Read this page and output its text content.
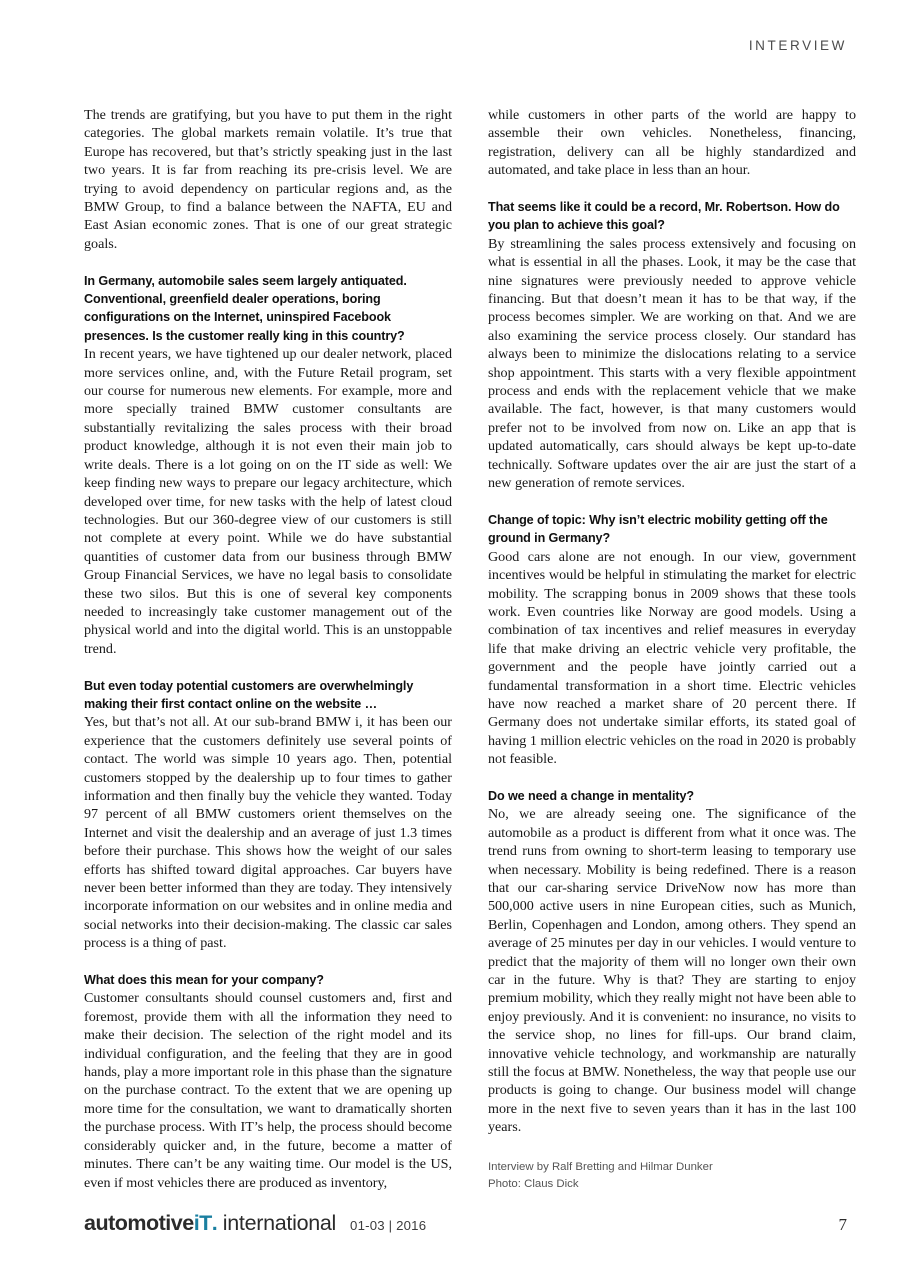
INTERVIEW

The trends are gratifying, but you have to put them in the right categories. The global markets remain volatile. It’s true that Europe has recovered, but that’s strictly speaking just in the last two years. It is far from reaching its pre-crisis level. We are trying to avoid dependency on particular regions and, as the BMW Group, to find a balance between the NAFTA, EU and East Asian economic zones. That is one of our great strategic goals.

In Germany, automobile sales seem largely antiquated. Conventional, greenfield dealer operations, boring configurations on the Internet, uninspired Facebook presences. Is the customer really king in this country?

In recent years, we have tightened up our dealer network, placed more services online, and, with the Future Retail program, set our course for numerous new elements. For example, more and more specially trained BMW customer consultants are substantially revitalizing the sales process with their broad product knowledge, although it is not even their main job to write deals. There is a lot going on on the IT side as well: We keep finding new ways to prepare our legacy architecture, which developed over time, for new tasks with the help of latest cloud technologies. But our 360-degree view of our customers is still not complete at every point. While we do have substantial quantities of customer data from our business through BMW Group Financial Services, we have no legal basis to consolidate these two silos. But this is one of several key components needed to increasingly take customer management out of the physical world and into the digital world. This is an unstoppable trend.

But even today potential customers are overwhelmingly making their first contact online on the website …

Yes, but that’s not all. At our sub-brand BMW i, it has been our experience that the customers definitely use several points of contact. The world was simple 10 years ago. Then, potential customers stopped by the dealership up to four times to gather information and then finally buy the vehicle they wanted. Today 97 percent of all BMW customers orient themselves on the Internet and visit the dealership and an average of just 1.3 times before their purchase. This shows how the weight of our sales efforts has shifted toward digital approaches. Car buyers have never been better informed than they are today. They intensively incorporate information on our websites and in online media and social networks into their decision-making. The classic car sales process is a thing of past.

What does this mean for your company?

Customer consultants should counsel customers and, first and foremost, provide them with all the information they need to make their decision. The selection of the right model and its individual configuration, and the feeling that they are in good hands, play a more important role in this phase than the signature on the purchase contract. To the extent that we are opening up more time for the consultation, we want to dramatically shorten the purchase process. With IT’s help, the process should become considerably quicker and, in the future, become a matter of minutes. There can’t be any waiting time. Our model is the US, even if most vehicles there are produced as inventory,

while customers in other parts of the world are happy to assemble their own vehicles. Nonetheless, financing, registration, delivery can all be highly standardized and automated, and take place in less than an hour.

That seems like it could be a record, Mr. Robertson. How do you plan to achieve this goal?

By streamlining the sales process extensively and focusing on what is essential in all the phases. Look, it may be the case that nine signatures were previously needed to approve vehicle financing. But that doesn’t mean it has to be that way, if the process becomes simpler. We are working on that. And we are also examining the service process closely. Our standard has always been to minimize the dislocations relating to a service shop appointment. This starts with a very flexible appointment process and ends with the replacement vehicle that we make available. The fact, however, is that many customers would prefer not to be involved from now on. Like an app that is updated automatically, cars should always be kept up-to-date technically. Software updates over the air are just the start of a new generation of remote services.

Change of topic: Why isn’t electric mobility getting off the ground in Germany?

Good cars alone are not enough. In our view, government incentives would be helpful in stimulating the market for electric mobility. The scrapping bonus in 2009 shows that these tools work. Even countries like Norway are good models. Using a combination of tax incentives and relief measures in everyday life that make driving an electric vehicle very profitable, the government and the people have jointly carried out a fundamental transformation in a short time. Electric vehicles have now reached a market share of 20 percent there. If Germany does not undertake similar efforts, its stated goal of having 1 million electric vehicles on the road in 2020 is probably not feasible.

Do we need a change in mentality?

No, we are already seeing one. The significance of the automobile as a product is different from what it once was. The trend runs from owning to short-term leasing to temporary use when necessary. Mobility is being redefined. There is a reason that our car-sharing service DriveNow now has more than 500,000 active users in nine European cities, such as Munich, Berlin, Copenhagen and London, among others. They spend an average of 25 minutes per day in our vehicles. I would venture to predict that the majority of them will no longer own their own car in the future. Why is that? They are starting to enjoy premium mobility, which they really might not have been able to enjoy previously. And it is convenient: no insurance, no visits to the service shop, no lines for fill-ups. Our brand claim, innovative vehicle technology, and workmanship are naturally still the focus at BMW. Nonetheless, the way that people use our products is going to change. Our business model will change more in the next five to seven years than it has in the last 100 years.

Interview by Ralf Bretting and Hilmar Dunker

Photo: Claus Dick

automotive iT . international 01-03 | 2016	7
